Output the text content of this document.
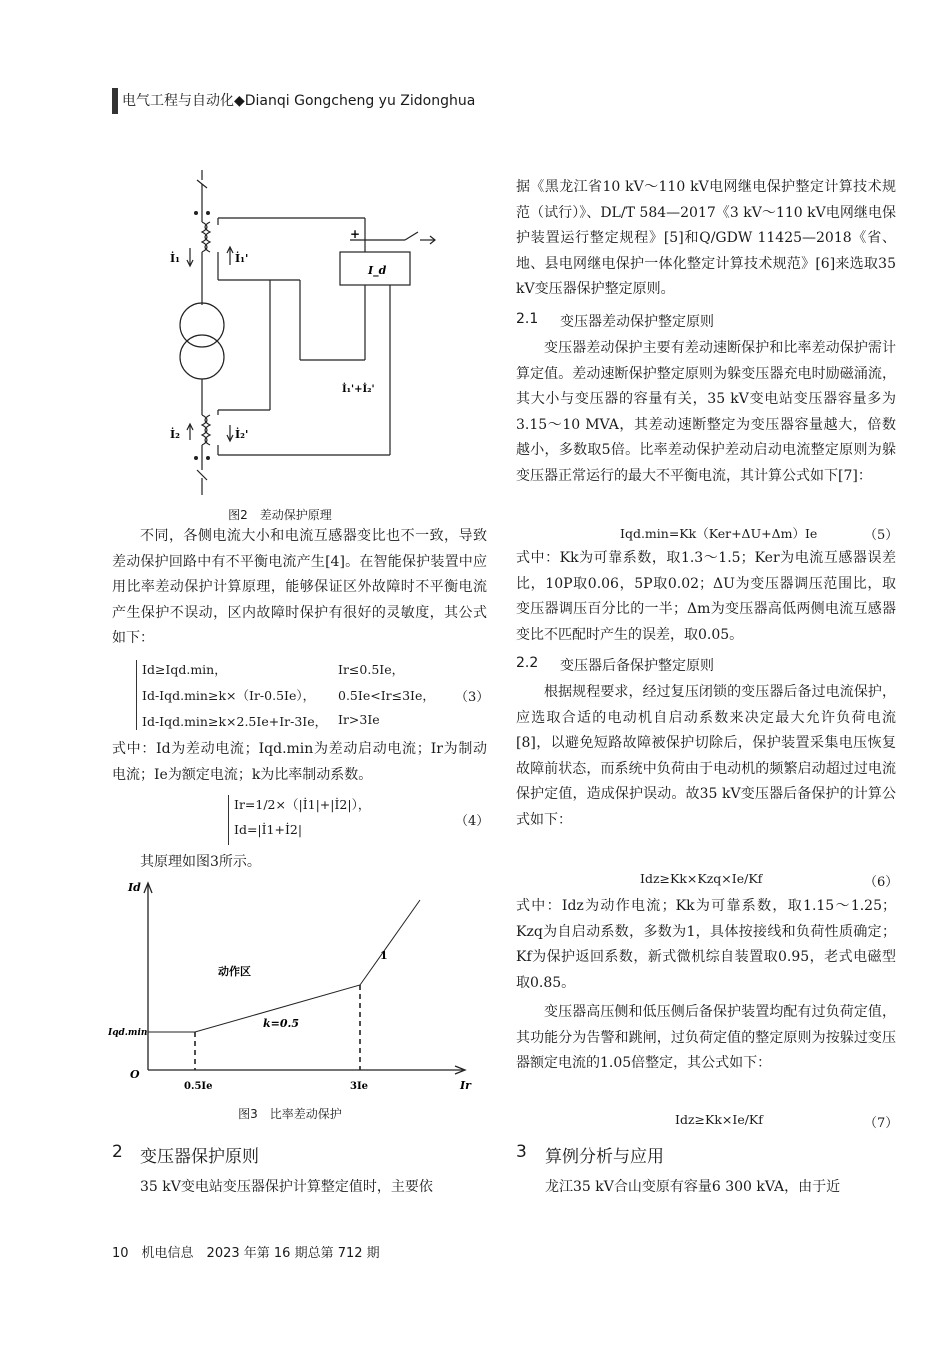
电气工程与自动化◆Dianqi Gongcheng yu Zidonghua
İ₁	İ₁'
I_d
+
İ₁'+İ₂'
İ₂	İ₂'
图2　差动保护原理
不同，各侧电流大小和电流互感器变比也不一致，导致差动保护回路中有不平衡电流产生[4]。在智能保护装置中应用比率差动保护计算原理，能够保证区外故障时不平衡电流产生保护不误动，区内故障时保护有很好的灵敏度，其公式如下：
Id≥Iqd.min，	Ir≤0.5Ie，
Id-Iqd.min≥k×（Ir-0.5Ie）， 0.5Ie<Ir≤3Ie，
Id-Iqd.min≥k×2.5Ie+Ir-3Ie， Ir>3Ie
（3）
式中：Id为差动电流；Iqd.min为差动启动电流；Ir为制动电流；Ie为额定电流；k为比率制动系数。
Ir=1/2×（|İ1|+|İ2|），
Id=|İ1+İ2|
（4）
其原理如图3所示。
Id
Ir
O
Iqd.min
0.5Ie	3Ie
动作区
k=0.5
1
图3　比率差动保护
2 变压器保护原则
35 kV变电站变压器保护计算整定值时，主要依
据《黑龙江省10 kV～110 kV电网继电保护整定计算技术规范（试行）》、DL/T 584—2017《3 kV～110 kV电网继电保护装置运行整定规程》[5]和Q/GDW 11425—2018《省、地、县电网继电保护一体化整定计算技术规范》[6]来选取35 kV变压器保护整定原则。
2.1 变压器差动保护整定原则
变压器差动保护主要有差动速断保护和比率差动保护需计算定值。差动速断保护整定原则为躲变压器充电时励磁涌流，其大小与变压器的容量有关，35 kV变电站变压器容量多为3.15～10 MVA，其差动速断整定为变压器容量越大，倍数越小，多数取5倍。比率差动保护差动启动电流整定原则为躲变压器正常运行的最大不平衡电流，其计算公式如下[7]：
Iqd.min=Kk（Ker+ΔU+Δm）Ie	（5）
式中：Kk为可靠系数，取1.3～1.5；Ker为电流互感器误差比，10P取0.06，5P取0.02；ΔU为变压器调压范围比，取变压器调压百分比的一半；Δm为变压器高低两侧电流互感器变比不匹配时产生的误差，取0.05。
2.2 变压器后备保护整定原则
根据规程要求，经过复压闭锁的变压器后备过电流保护，应选取合适的电动机自启动系数来决定最大允许负荷电流[8]，以避免短路故障被保护切除后，保护装置采集电压恢复故障前状态，而系统中负荷由于电动机的频繁启动超过过电流保护定值，造成保护误动。故35 kV变压器后备保护的计算公式如下：
Idz≥Kk×Kzq×Ie/Kf	（6）
式中：Idz为动作电流；Kk为可靠系数，取1.15～1.25；Kzq为自启动系数，多数为1，具体按接线和负荷性质确定；Kf为保护返回系数，新式微机综自装置取0.95，老式电磁型取0.85。
变压器高压侧和低压侧后备保护装置均配有过负荷定值，其功能分为告警和跳闸，过负荷定值的整定原则为按躲过变压器额定电流的1.05倍整定，其公式如下：
Idz≥Kk×Ie/Kf	（7）
3 算例分析与应用
龙江35 kV合山变原有容量6 300 kVA，由于近
10　机电信息　2023 年第 16 期总第 712 期
